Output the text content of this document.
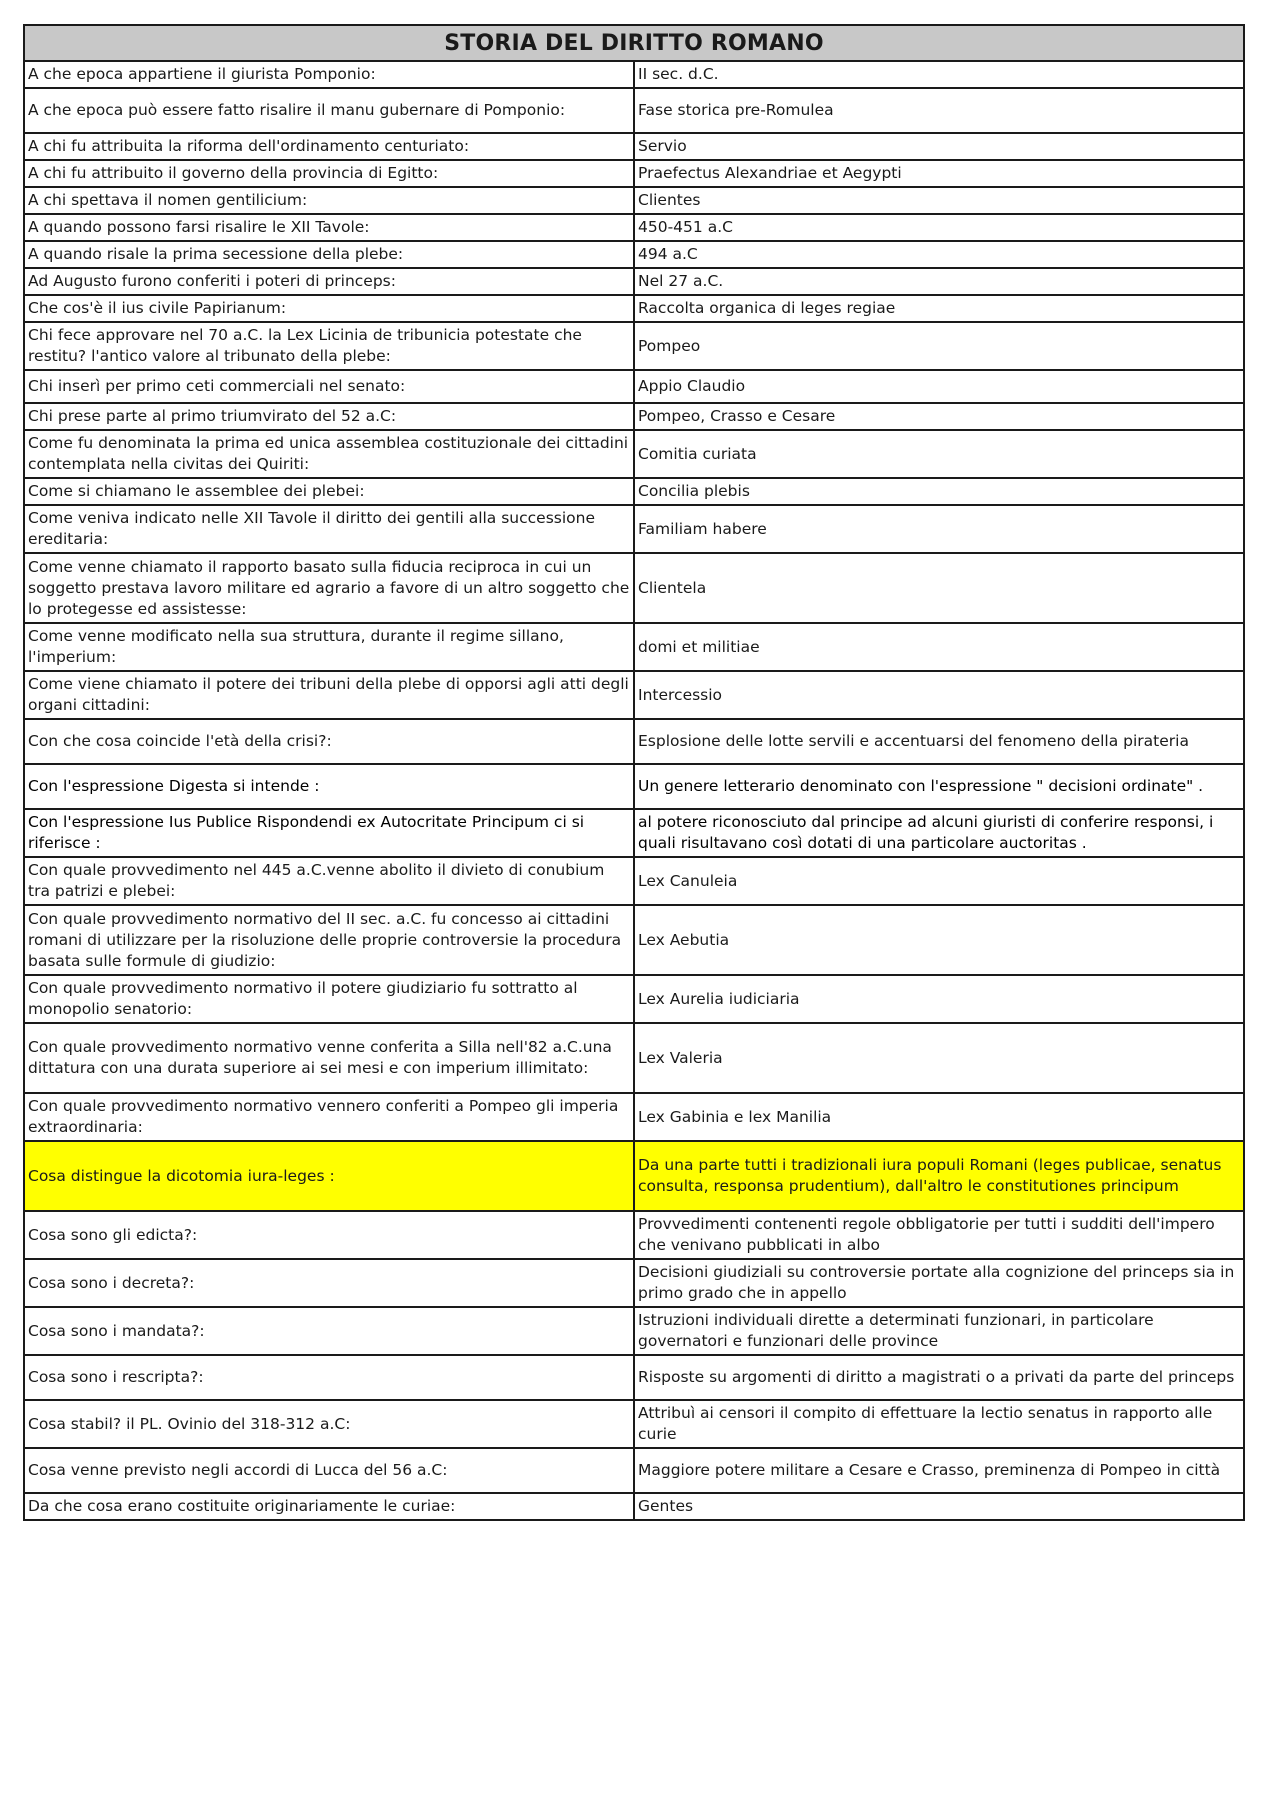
STORIA DEL DIRITTO ROMANO	
A che epoca appartiene il giurista Pomponio:	II sec. d.C.
A che epoca può essere fatto risalire il manu gubernare di Pomponio:	Fase storica pre-Romulea
A chi fu attribuita la riforma dell'ordinamento centuriato:	Servio
A chi fu attribuito il governo della provincia di Egitto:	Praefectus Alexandriae et Aegypti
A chi spettava il nomen gentilicium:	Clientes
A quando possono farsi risalire le XII Tavole:	450-451 a.C
A quando risale la prima secessione della plebe:	494 a.C
Ad Augusto furono conferiti i poteri di princeps:	Nel 27 a.C.
Che cos'è il ius civile Papirianum:	Raccolta organica di leges regiae
Chi fece approvare nel 70 a.C. la Lex Licinia de tribunicia potestate che restitu? l'antico valore al tribunato della plebe:	Pompeo
Chi inserì per primo ceti commerciali nel senato:	Appio Claudio
Chi prese parte al primo triumvirato del 52 a.C:	Pompeo, Crasso e Cesare
Come fu denominata la prima ed unica assemblea costituzionale dei cittadini contemplata nella civitas dei Quiriti:	Comitia curiata
Come si chiamano le assemblee dei plebei:	Concilia plebis
Come veniva indicato nelle XII Tavole il diritto dei gentili alla successione ereditaria:	Familiam habere
Come venne chiamato il rapporto basato sulla fiducia reciproca in cui un soggetto prestava lavoro militare ed agrario a favore di un altro soggetto che lo protegesse ed assistesse:	Clientela
Come venne modificato nella sua struttura, durante il regime sillano, l'imperium:	domi et militiae
Come viene chiamato il potere dei tribuni della plebe di opporsi agli atti degli organi cittadini:	Intercessio
Con che cosa coincide l'età della crisi?:	Esplosione delle lotte servili e accentuarsi del fenomeno della pirateria
Con l'espressione Digesta si intende :	Un genere letterario denominato con l'espressione " decisioni ordinate" .
Con l'espressione Ius Publice Rispondendi ex Autocritate Principum ci si riferisce :	al potere riconosciuto dal principe ad alcuni giuristi di conferire responsi, i quali risultavano così dotati di una particolare auctoritas .
Con quale provvedimento nel 445 a.C.venne abolito il divieto di conubium tra patrizi e plebei:	Lex Canuleia
Con quale provvedimento normativo del II sec. a.C. fu concesso ai cittadini romani di utilizzare per la risoluzione delle proprie controversie la procedura basata sulle formule di giudizio:	Lex Aebutia
Con quale provvedimento normativo il potere giudiziario fu sottratto al monopolio senatorio:	Lex Aurelia iudiciaria
Con quale provvedimento normativo venne conferita a Silla nell'82 a.C.una dittatura con una durata superiore ai sei mesi e con imperium illimitato:	Lex Valeria
Con quale provvedimento normativo vennero conferiti a Pompeo gli imperia extraordinaria:	Lex Gabinia e lex Manilia
Cosa distingue la dicotomia iura-leges :	Da una parte tutti i tradizionali iura populi Romani (leges publicae, senatus consulta, responsa prudentium), dall'altro le constitutiones principum
Cosa sono gli edicta?:	Provvedimenti contenenti regole obbligatorie per tutti i sudditi dell'impero che venivano pubblicati in albo
Cosa sono i decreta?:	Decisioni giudiziali su controversie portate alla cognizione del princeps sia in primo grado che in appello
Cosa sono i mandata?:	Istruzioni individuali dirette a determinati funzionari, in particolare governatori e funzionari delle province
Cosa sono i rescripta?:	Risposte su argomenti di diritto a magistrati o a privati da parte del princeps
Cosa stabil? il PL. Ovinio del 318-312 a.C:	Attribuì ai censori il compito di effettuare la lectio senatus in rapporto alle curie
Cosa venne previsto negli accordi di Lucca del 56 a.C:	Maggiore potere militare a Cesare e Crasso, preminenza di Pompeo in città
Da che cosa erano costituite originariamente le curiae:	Gentes
